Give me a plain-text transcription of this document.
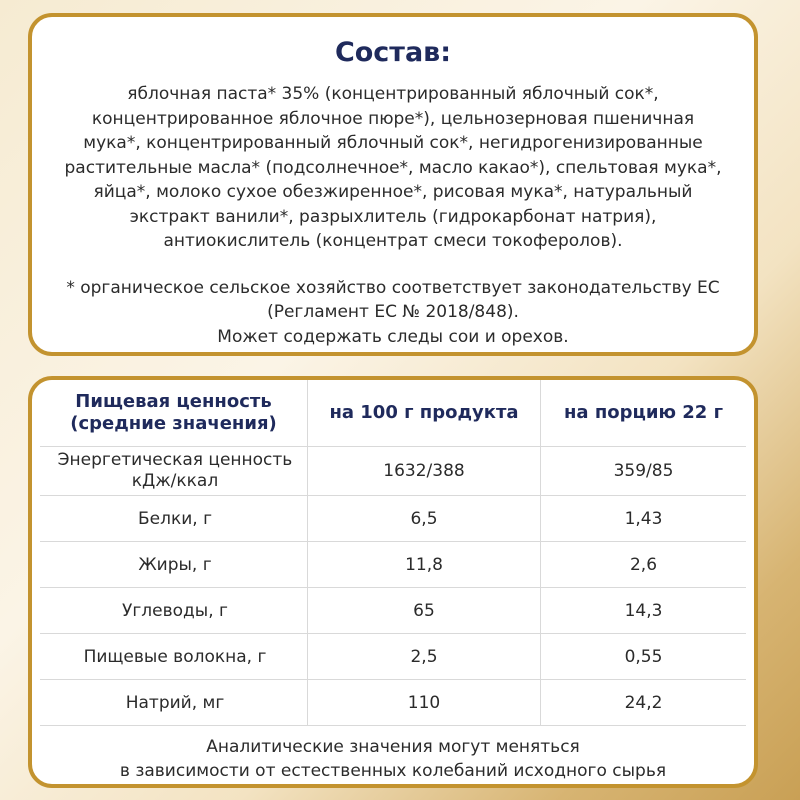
Состав:
яблочная паста* 35% (концентрированный яблочный сок*,
концентрированное яблочное пюре*), цельнозерновая пшеничная
мука*, концентрированный яблочный сок*, негидрогенизированные
растительные масла* (подсолнечное*, масло какао*), спельтовая мука*,
яйца*, молоко сухое обезжиренное*, рисовая мука*, натуральный
экстракт ванили*, разрыхлитель (гидрокарбонат натрия),
антиокислитель (концентрат смеси токоферолов).
* органическое сельское хозяйство соответствует законодательству ЕС
(Регламент ЕС № 2018/848).
Может содержать следы сои и орехов.
Пищевая ценность
(средние значения)	на 100 г продукта	на порцию 22 г

Энергетическая ценность
кДж/ккал	1632/388	359/85
Белки, г	6,5	1,43
Жиры, г	11,8	2,6
Углеводы, г	65	14,3
Пищевые волокна, г	2,5	0,55
Натрий, мг	110	24,2
Аналитические значения могут меняться
в зависимости от естественных колебаний исходного сырья
